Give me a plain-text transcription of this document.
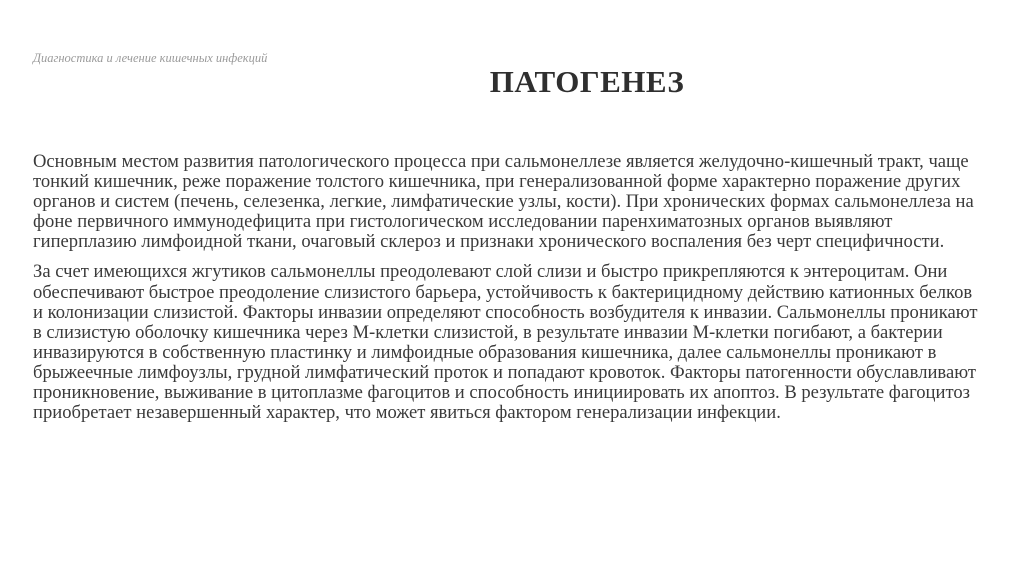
Диагностика и лечение кишечных инфекций
ПАТОГЕНЕЗ

Основным местом развития патологического процесса при сальмонеллезе является желудочно-кишечный тракт, чаще тонкий кишечник, реже поражение толстого кишечника, при генерализованной форме характерно поражение других органов и систем (печень, селезенка, легкие, лимфатические узлы, кости). При хронических формах сальмонеллеза на фоне первичного иммунодефицита при гистологическом исследовании паренхиматозных органов выявляют гиперплазию лимфоидной ткани, очаговый склероз и признаки хронического воспаления без черт специфичности.

За счет имеющихся жгутиков сальмонеллы преодолевают слой слизи и быстро прикрепляются к энтероцитам. Они обеспечивают быстрое преодоление слизистого барьера, устойчивость к бактерицидному действию катионных белков и колонизации слизистой. Факторы инвазии определяют способность возбудителя к инвазии. Сальмонеллы проникают в слизистую оболочку кишечника через М-клетки слизистой, в результате инвазии М-клетки погибают, а бактерии инвазируются в собственную пластинку и лимфоидные образования кишечника, далее сальмонеллы проникают в брыжеечные лимфоузлы, грудной лимфатический проток и попадают кровоток. Факторы патогенности обуславливают проникновение, выживание в цитоплазме фагоцитов и способность инициировать их апоптоз. В результате фагоцитоз приобретает незавершенный характер, что может явиться фактором генерализации инфекции.
